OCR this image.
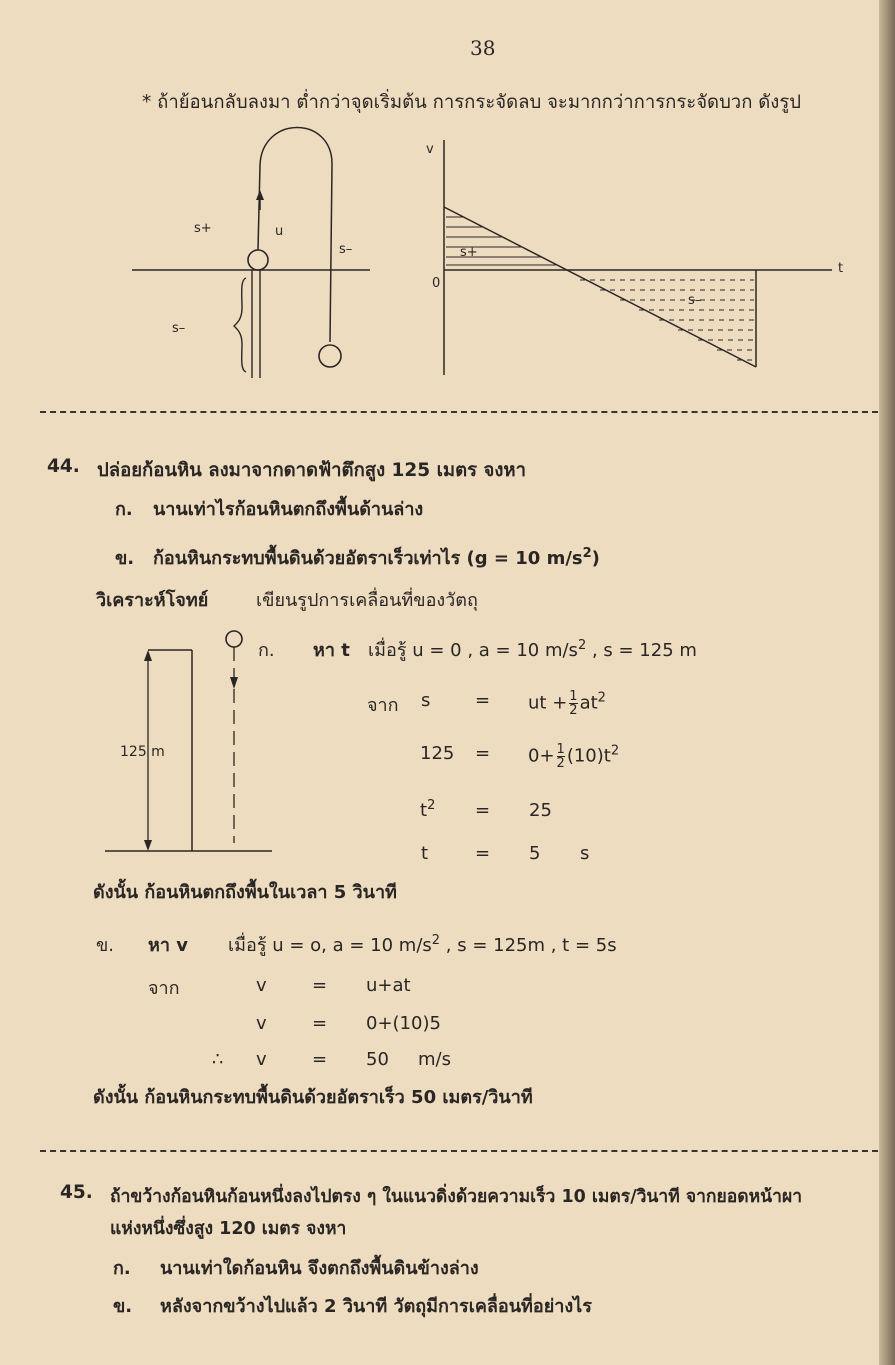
38
* ถ้าย้อนกลับลงมา ต่ำกว่าจุดเริ่มต้น การกระจัดลบ จะมากกว่าการกระจัดบวก ดังรูป
s+	u
s–
s–
v
t
0
s+
s–
44. ปล่อยก้อนหิน ลงมาจากดาดฟ้าตึกสูง 125 เมตร จงหา
ก. นานเท่าไรก้อนหินตกถึงพื้นด้านล่าง
ข. ก้อนหินกระทบพื้นดินด้วยอัตราเร็วเท่าไร (g = 10 $m/s^2$)
วิเคราะห์โจทย์	เขียนรูปการเคลื่อนที่ของวัตถุ
125 m
ก. หา t เมื่อรู้ u = 0 , a = 10 $m/s^2$ , s = 125 m
จาก s = ut + $\frac{1}{2} at^2$
$125 = 0+ \frac{1}{2} (10)t^2$
$t^2 = 25$
t	= 5 s
ดังนั้น ก้อนหินตกถึงพื้นในเวลา 5 วินาที
ข. หา v เมื่อรู้ u = o, a = 10 $m/s^2$ , s = 125m , t = 5s
จาก	v	= u+at
v	= 0+(10)5
∴ v	= 50 m/s
ดังนั้น ก้อนหินกระทบพื้นดินด้วยอัตราเร็ว 50 เมตร/วินาที
45. ถ้าขว้างก้อนหินก้อนหนึ่งลงไปตรง ๆ ในแนวดิ่งด้วยความเร็ว 10 เมตร/วินาที จากยอดหน้าผา
แห่งหนึ่งซึ่งสูง 120 เมตร จงหา
ก. นานเท่าใดก้อนหิน จึงตกถึงพื้นดินข้างล่าง
ข. หลังจากขว้างไปแล้ว 2 วินาที วัตถุมีการเคลื่อนที่อย่างไร
